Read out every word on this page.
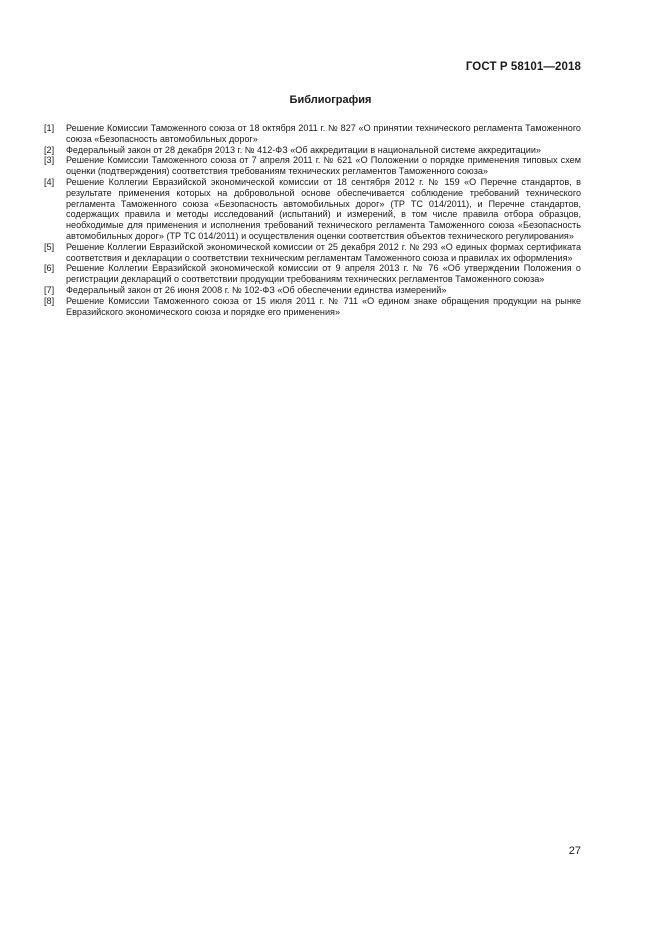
ГОСТ Р 58101—2018
Библиография
[1]	Решение Комиссии Таможенного союза от 18 октября 2011 г. № 827 «О принятии технического регламента Таможенного союза «Безопасность автомобильных дорог»
[2]	Федеральный закон от 28 декабря 2013 г. № 412-ФЗ «Об аккредитации в национальной системе аккредитации»
[3]	Решение Комиссии Таможенного союза от 7 апреля 2011 г. № 621 «О Положении о порядке применения типовых схем оценки (подтверждения) соответствия требованиям технических регламентов Таможенного союза»
[4]	Решение Коллегии Евразийской экономической комиссии от 18 сентября 2012 г. № 159 «О Перечне стандартов, в результате применения которых на добровольной основе обеспечивается соблюдение требований технического регламента Таможенного союза «Безопасность автомобильных дорог» (ТР ТС 014/2011), и Перечне стандартов, содержащих правила и методы исследований (испытаний) и измерений, в том числе правила отбора образцов, необходимые для применения и исполнения требований технического регламента Таможенного союза «Безопасность автомобильных дорог» (ТР ТС 014/2011) и осуществления оценки соответствия объектов технического регулирования»
[5]	Решение Коллегии Евразийской экономической комиссии от 25 декабря 2012 г. № 293 «О единых формах сертификата соответствия и декларации о соответствии техническим регламентам Таможенного союза и правилах их оформления»
[6]	Решение Коллегии Евразийской экономической комиссии от 9 апреля 2013 г. № 76 «Об утверждении Положения о регистрации деклараций о соответствии продукции требованиям технических регламентов Таможенного союза»
[7]	Федеральный закон от 26 июня 2008 г. № 102-ФЗ «Об обеспечении единства измерений»
[8]	Решение Комиссии Таможенного союза от 15 июля 2011 г. № 711 «О едином знаке обращения продукции на рынке Евразийского экономического союза и порядке его применения»
27
